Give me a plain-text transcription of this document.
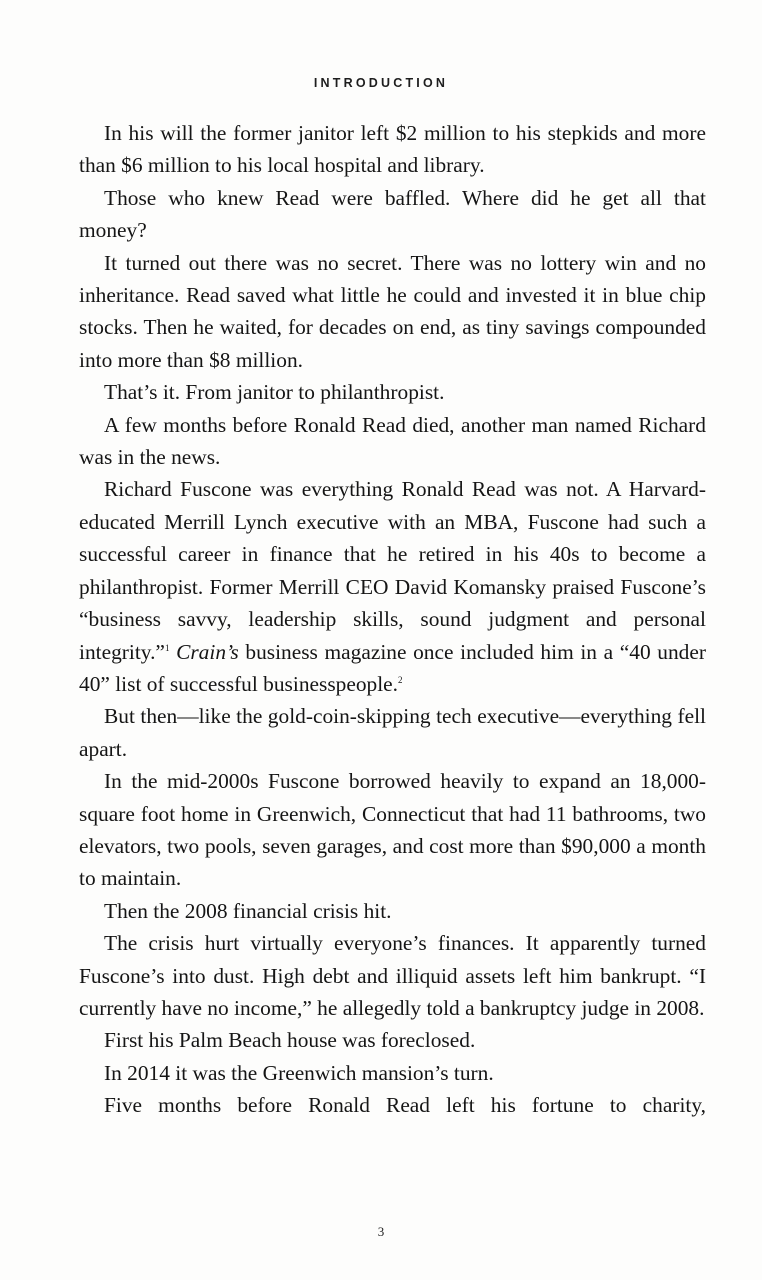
INTRODUCTION

In his will the former janitor left $2 million to his stepkids and more than $6 million to his local hospital and library.

Those who knew Read were baffled. Where did he get all that money?

It turned out there was no secret. There was no lottery win and no inheritance. Read saved what little he could and invested it in blue chip stocks. Then he waited, for decades on end, as tiny savings compounded into more than $8 million.

That’s it. From janitor to philanthropist.

A few months before Ronald Read died, another man named Richard was in the news.

Richard Fuscone was everything Ronald Read was not. A Harvard-educated Merrill Lynch executive with an MBA, Fuscone had such a successful career in finance that he retired in his 40s to become a philanthropist. Former Merrill CEO David Komansky praised Fuscone’s “business savvy, leadership skills, sound judgment and personal integrity.”$^1$ Crain’s business magazine once included him in a “40 under 40” list of successful businesspeople.$^2$

But then—like the gold-coin-skipping tech executive—everything fell apart.

In the mid-2000s Fuscone borrowed heavily to expand an 18,000-square foot home in Greenwich, Connecticut that had 11 bathrooms, two elevators, two pools, seven garages, and cost more than $90,000 a month to maintain.

Then the 2008 financial crisis hit.

The crisis hurt virtually everyone’s finances. It apparently turned Fuscone’s into dust. High debt and illiquid assets left him bankrupt. “I currently have no income,” he allegedly told a bankruptcy judge in 2008.

First his Palm Beach house was foreclosed.

In 2014 it was the Greenwich mansion’s turn.

Five months before Ronald Read left his fortune to charity,

3
